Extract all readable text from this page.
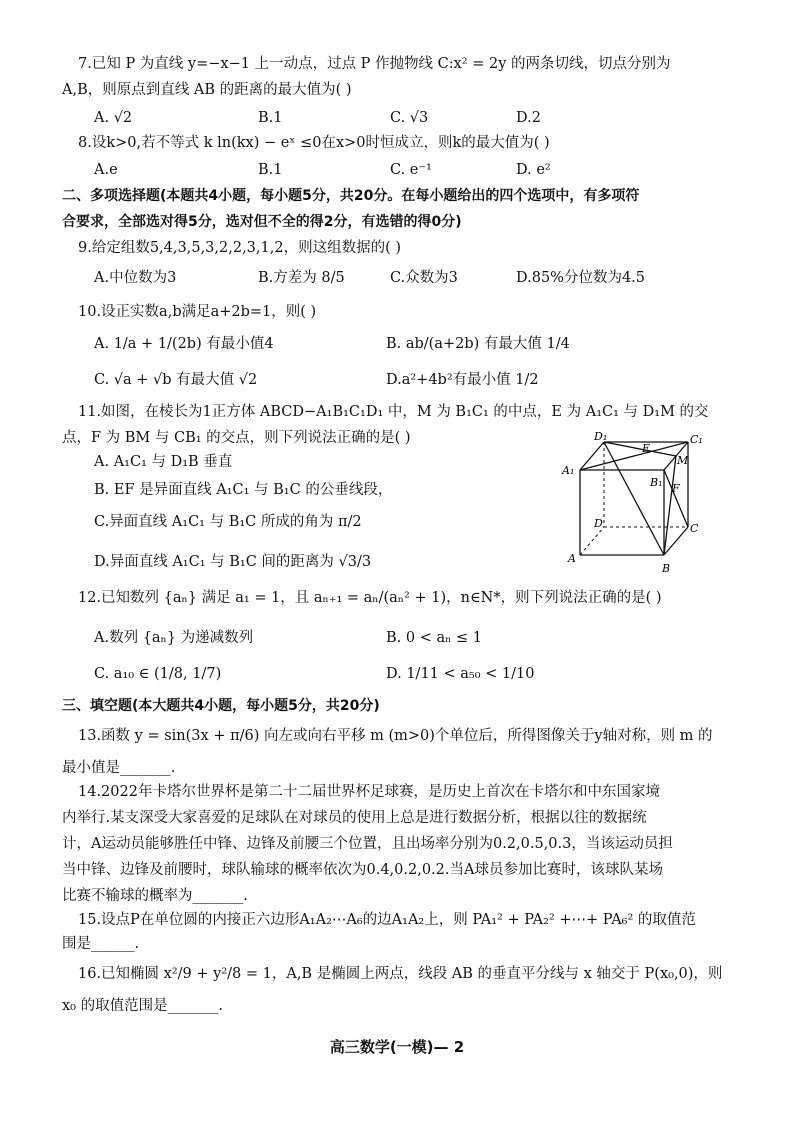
7.已知 P 为直线 y=−x−1 上一动点，过点 P 作抛物线 C:x² = 2y 的两条切线，切点分别为
A,B，则原点到直线 AB 的距离的最大值为( )
A. √2	B.1	C. √3	D.2
8.设k>0,若不等式 k ln(kx) − eˣ ≤0在x>0时恒成立，则k的最大值为( )
A.e	B.1	C. e⁻¹	D. e²
二、多项选择题(本题共4小题，每小题5分，共20分。在每小题给出的四个选项中，有多项符
合要求，全部选对得5分，选对但不全的得2分，有选错的得0分)
9.给定组数5,4,3,5,3,2,2,3,1,2，则这组数据的( )
A.中位数为3	B.方差为 8/5	C.众数为3	D.85%分位数为4.5
10.设正实数a,b满足a+2b=1，则( )
A. 1/a + 1/(2b) 有最小值4	B. ab/(a+2b) 有最大值 1/4
C. √a + √b 有最大值 √2	D.a²+4b²有最小值 1/2
11.如图，在棱长为1正方体 ABCD−A₁B₁C₁D₁ 中，M 为 B₁C₁ 的中点，E 为 A₁C₁ 与 D₁M 的交
点，F 为 BM 与 CB₁ 的交点，则下列说法正确的是( )
A. A₁C₁ 与 D₁B 垂直
B. EF 是异面直线 A₁C₁ 与 B₁C 的公垂线段，
C.异面直线 A₁C₁ 与 B₁C 所成的角为 π/2
D.异面直线 A₁C₁ 与 B₁C 间的距离为 √3/3
D₁	C₁
E
M
A₁
B₁ F
D	C
A
B
12.已知数列 {aₙ} 满足 a₁ = 1，且 aₙ₊₁ = aₙ/(aₙ² + 1)，n∈N*，则下列说法正确的是( )
A.数列 {aₙ} 为递减数列	B. 0 < aₙ ≤ 1
C. a₁₀ ∈ (1/8, 1/7)	D. 1/11 < a₅₀ < 1/10
三、填空题(本大题共4小题，每小题5分，共20分)
13.函数 y = sin(3x + π/6) 向左或向右平移 m (m>0)个单位后，所得图像关于y轴对称，则 m 的
最小值是_______.
14.2022年卡塔尔世界杯是第二十二届世界杯足球赛，是历史上首次在卡塔尔和中东国家境
内举行.某支深受大家喜爱的足球队在对球员的使用上总是进行数据分析，根据以往的数据统
计，A运动员能够胜任中锋、边锋及前腰三个位置，且出场率分别为0.2,0.5,0.3，当该运动员担
当中锋、边锋及前腰时，球队输球的概率依次为0.4,0.2,0.2.当A球员参加比赛时，该球队某场
比赛不输球的概率为_______.
15.设点P在单位圆的内接正六边形A₁A₂⋯A₆的边A₁A₂上，则 PA₁² + PA₂² +⋯+ PA₆² 的取值范
围是______.
16.已知椭圆 x²/9 + y²/8 = 1，A,B 是椭圆上两点，线段 AB 的垂直平分线与 x 轴交于 P(x₀,0)，则
x₀ 的取值范围是_______.
高三数学(一模)— 2
